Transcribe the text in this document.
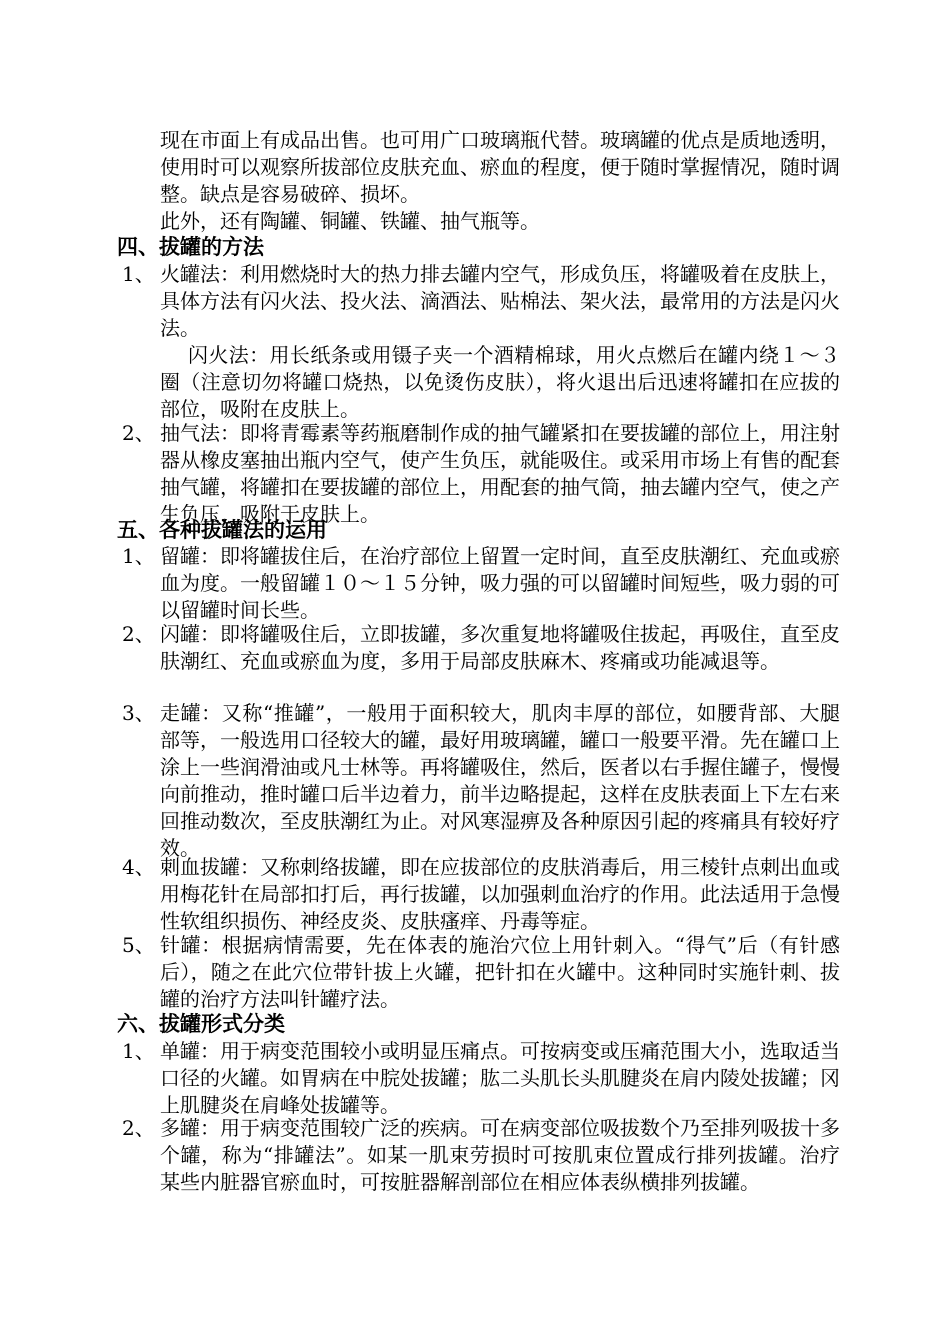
现在市面上有成品出售。也可用广口玻璃瓶代替。玻璃罐的优点是质地透明，使用时可以观察所拔部位皮肤充血、瘀血的程度，便于随时掌握情况，随时调整。缺点是容易破碎、损坏。
此外，还有陶罐、铜罐、铁罐、抽气瓶等。
四、拔罐的方法
1、 火罐法：利用燃烧时大的热力排去罐内空气，形成负压，将罐吸着在皮肤上，具体方法有闪火法、投火法、滴酒法、贴棉法、架火法，最常用的方法是闪火法。
闪火法：用长纸条或用镊子夹一个酒精棉球，用火点燃后在罐内绕１～３圈（注意切勿将罐口烧热，以免烫伤皮肤），将火退出后迅速将罐扣在应拔的部位，吸附在皮肤上。
2、 抽气法：即将青霉素等药瓶磨制作成的抽气罐紧扣在要拔罐的部位上，用注射器从橡皮塞抽出瓶内空气，使产生负压，就能吸住。或采用市场上有售的配套抽气罐，将罐扣在要拔罐的部位上，用配套的抽气筒，抽去罐内空气，使之产生负压，吸附于皮肤上。
五、各种拔罐法的运用
1、 留罐：即将罐拔住后，在治疗部位上留置一定时间，直至皮肤潮红、充血或瘀血为度。一般留罐１０～１５分钟，吸力强的可以留罐时间短些，吸力弱的可以留罐时间长些。
2、 闪罐：即将罐吸住后，立即拔罐，多次重复地将罐吸住拔起，再吸住，直至皮肤潮红、充血或瘀血为度，多用于局部皮肤麻木、疼痛或功能减退等。
3、 走罐：又称“推罐”，一般用于面积较大，肌肉丰厚的部位，如腰背部、大腿部等，一般选用口径较大的罐，最好用玻璃罐，罐口一般要平滑。先在罐口上涂上一些润滑油或凡士林等。再将罐吸住，然后，医者以右手握住罐子，慢慢向前推动，推时罐口后半边着力，前半边略提起，这样在皮肤表面上下左右来回推动数次，至皮肤潮红为止。对风寒湿痹及各种原因引起的疼痛具有较好疗效。
4、 刺血拔罐：又称刺络拔罐，即在应拔部位的皮肤消毒后，用三棱针点刺出血或用梅花针在局部扣打后，再行拔罐，以加强刺血治疗的作用。此法适用于急慢性软组织损伤、神经皮炎、皮肤瘙痒、丹毒等症。
5、 针罐：根据病情需要，先在体表的施治穴位上用针刺入。“得气”后（有针感后），随之在此穴位带针拔上火罐，把针扣在火罐中。这种同时实施针刺、拔罐的治疗方法叫针罐疗法。
六、拔罐形式分类
1、 单罐：用于病变范围较小或明显压痛点。可按病变或压痛范围大小，选取适当口径的火罐。如胃病在中脘处拔罐；肱二头肌长头肌腱炎在肩内陵处拔罐；冈上肌腱炎在肩峰处拔罐等。
2、 多罐：用于病变范围较广泛的疾病。可在病变部位吸拔数个乃至排列吸拔十多个罐，称为“排罐法”。如某一肌束劳损时可按肌束位置成行排列拔罐。治疗某些内脏器官瘀血时，可按脏器解剖部位在相应体表纵横排列拔罐。
